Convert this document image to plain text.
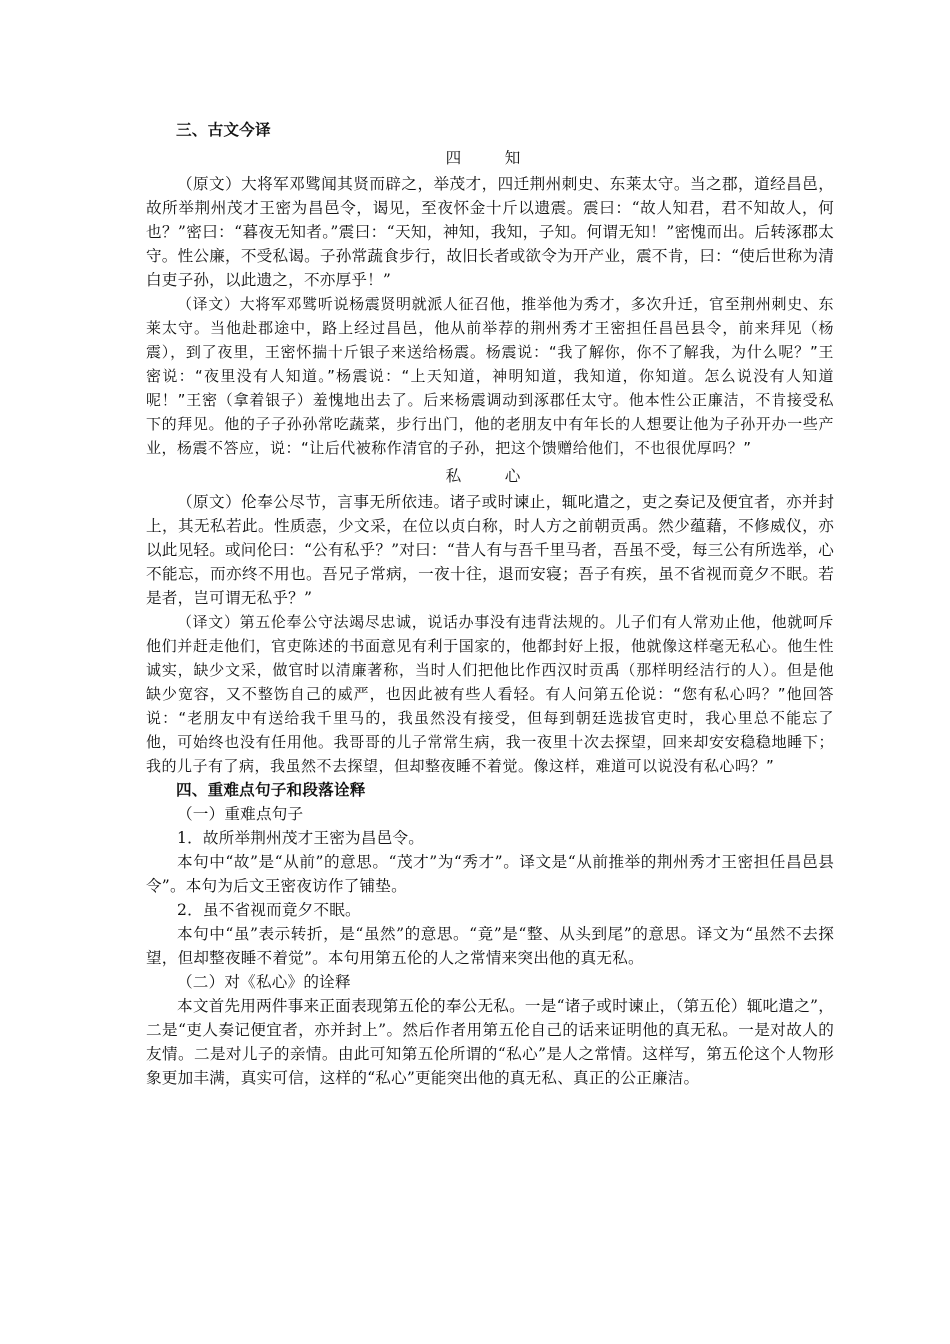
三、古文今译
四　知

（原文）大将军邓骘闻其贤而辟之，举茂才，四迁荆州刺史、东莱太守。当之郡，道经昌邑，故所举荆州茂才王密为昌邑令，谒见，至夜怀金十斤以遗震。震曰：“故人知君，君不知故人，何也？”密曰：“暮夜无知者。”震曰：“天知，神知，我知，子知。何谓无知！”密愧而出。后转涿郡太守。性公廉，不受私谒。子孙常蔬食步行，故旧长者或欲令为开产业，震不肯，曰：“使后世称为清白吏子孙，以此遗之，不亦厚乎！”

（译文）大将军邓骘听说杨震贤明就派人征召他，推举他为秀才，多次升迁，官至荆州刺史、东莱太守。当他赴郡途中，路上经过昌邑，他从前举荐的荆州秀才王密担任昌邑县令，前来拜见（杨震），到了夜里，王密怀揣十斤银子来送给杨震。杨震说：“我了解你，你不了解我，为什么呢？”王密说：“夜里没有人知道。”杨震说：“上天知道，神明知道，我知道，你知道。怎么说没有人知道呢！”王密（拿着银子）羞愧地出去了。后来杨震调动到涿郡任太守。他本性公正廉洁，不肯接受私下的拜见。他的子子孙孙常吃蔬菜，步行出门，他的老朋友中有年长的人想要让他为子孙开办一些产业，杨震不答应，说：“让后代被称作清官的子孙，把这个馈赠给他们，不也很优厚吗？”

私　心

（原文）伦奉公尽节，言事无所依违。诸子或时谏止，辄叱遣之，吏之奏记及便宜者，亦并封上，其无私若此。性质悫，少文采，在位以贞白称，时人方之前朝贡禹。然少蕴藉，不修威仪，亦以此见轻。或问伦曰：“公有私乎？”对曰：“昔人有与吾千里马者，吾虽不受，每三公有所选举，心不能忘，而亦终不用也。吾兄子常病，一夜十往，退而安寝；吾子有疾，虽不省视而竟夕不眠。若是者，岂可谓无私乎？”

（译文）第五伦奉公守法竭尽忠诚，说话办事没有违背法规的。儿子们有人常劝止他，他就呵斥他们并赶走他们，官吏陈述的书面意见有利于国家的，他都封好上报，他就像这样毫无私心。他生性诚实，缺少文采，做官时以清廉著称，当时人们把他比作西汉时贡禹（那样明经洁行的人）。但是他缺少宽容，又不整饬自己的威严，也因此被有些人看轻。有人问第五伦说：“您有私心吗？”他回答说：“老朋友中有送给我千里马的，我虽然没有接受，但每到朝廷选拔官吏时，我心里总不能忘了他，可始终也没有任用他。我哥哥的儿子常常生病，我一夜里十次去探望，回来却安安稳稳地睡下；我的儿子有了病，我虽然不去探望，但却整夜睡不着觉。像这样，难道可以说没有私心吗？”

四、重难点句子和段落诠释

（一）重难点句子

1．故所举荆州茂才王密为昌邑令。

本句中“故”是“从前”的意思。“茂才”为“秀才”。译文是“从前推举的荆州秀才王密担任昌邑县令”。本句为后文王密夜访作了铺垫。

2．虽不省视而竟夕不眠。

本句中“虽”表示转折，是“虽然”的意思。“竟”是“整、从头到尾”的意思。译文为“虽然不去探望，但却整夜睡不着觉”。本句用第五伦的人之常情来突出他的真无私。

（二）对《私心》的诠释

本文首先用两件事来正面表现第五伦的奉公无私。一是“诸子或时谏止，（第五伦）辄叱遣之”，二是“吏人奏记便宜者，亦并封上”。然后作者用第五伦自己的话来证明他的真无私。一是对故人的友情。二是对儿子的亲情。由此可知第五伦所谓的“私心”是人之常情。这样写，第五伦这个人物形象更加丰满，真实可信，这样的“私心”更能突出他的真无私、真正的公正廉洁。
